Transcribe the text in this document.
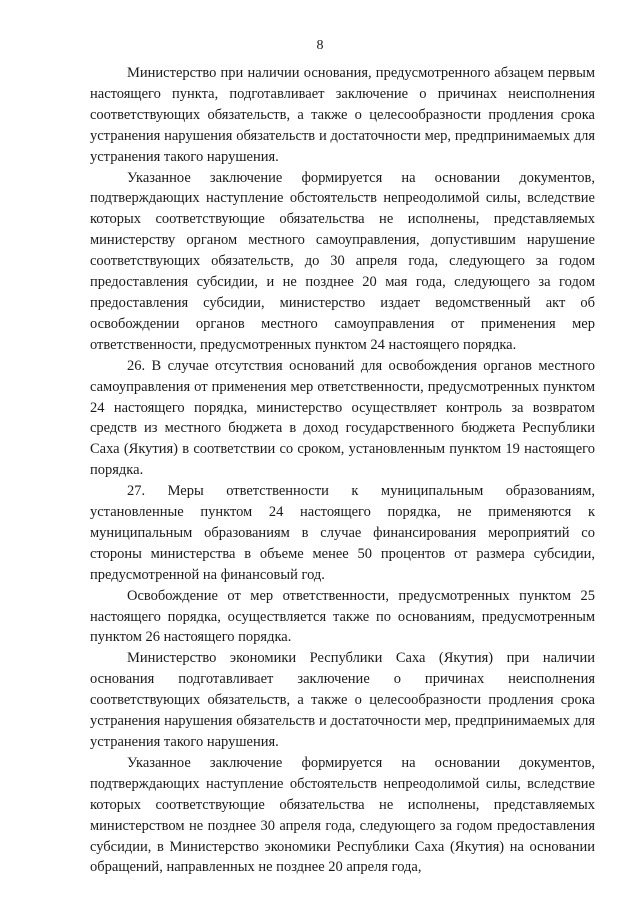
8

Министерство при наличии основания, предусмотренного абзацем первым настоящего пункта, подготавливает заключение о причинах неисполнения соответствующих обязательств, а также о целесообразности продления срока устранения нарушения обязательств и достаточности мер, предпринимаемых для устранения такого нарушения.

Указанное заключение формируется на основании документов, подтверждающих наступление обстоятельств непреодолимой силы, вследствие которых соответствующие обязательства не исполнены, представляемых министерству органом местного самоуправления, допустившим нарушение соответствующих обязательств, до 30 апреля года, следующего за годом предоставления субсидии, и не позднее 20 мая года, следующего за годом предоставления субсидии, министерство издает ведомственный акт об освобождении органов местного самоуправления от применения мер ответственности, предусмотренных пунктом 24 настоящего порядка.

26. В случае отсутствия оснований для освобождения органов местного самоуправления от применения мер ответственности, предусмотренных пунктом 24 настоящего порядка, министерство осуществляет контроль за возвратом средств из местного бюджета в доход государственного бюджета Республики Саха (Якутия) в соответствии со сроком, установленным пунктом 19 настоящего порядка.

27. Меры ответственности к муниципальным образованиям, установленные пунктом 24 настоящего порядка, не применяются к муниципальным образованиям в случае финансирования мероприятий со стороны министерства в объеме менее 50 процентов от размера субсидии, предусмотренной на финансовый год.

Освобождение от мер ответственности, предусмотренных пунктом 25 настоящего порядка, осуществляется также по основаниям, предусмотренным пунктом 26 настоящего порядка.

Министерство экономики Республики Саха (Якутия) при наличии основания подготавливает заключение о причинах неисполнения соответствующих обязательств, а также о целесообразности продления срока устранения нарушения обязательств и достаточности мер, предпринимаемых для устранения такого нарушения.

Указанное заключение формируется на основании документов, подтверждающих наступление обстоятельств непреодолимой силы, вследствие которых соответствующие обязательства не исполнены, представляемых министерством не позднее 30 апреля года, следующего за годом предоставления субсидии, в Министерство экономики Республики Саха (Якутия) на основании обращений, направленных не позднее 20 апреля года,
